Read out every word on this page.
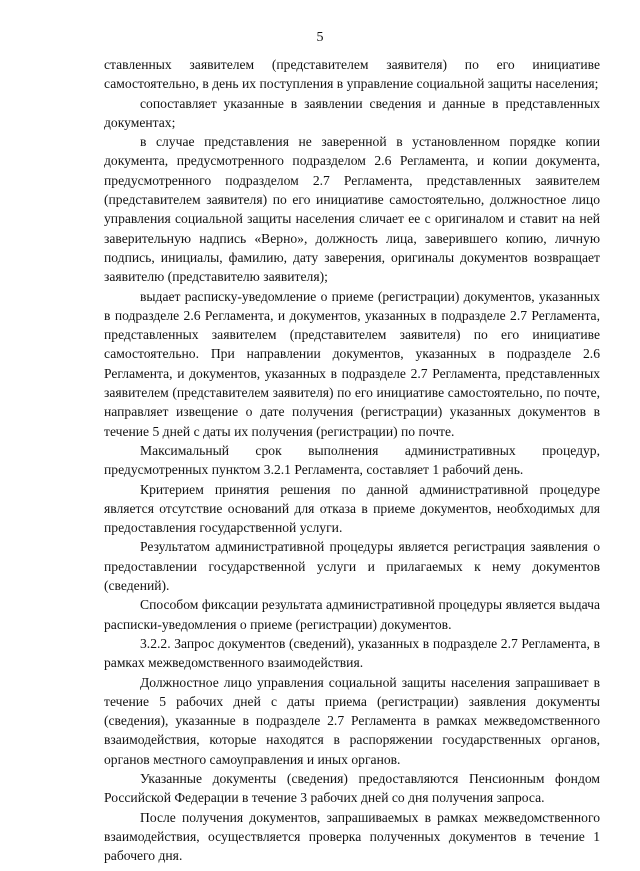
5

ставленных заявителем (представителем заявителя) по его инициативе самостоятельно, в день их поступления в управление социальной защиты населения;

сопоставляет указанные в заявлении сведения и данные в представленных документах;

в случае представления не заверенной в установленном порядке копии документа, предусмотренного подразделом 2.6 Регламента, и копии документа, предусмотренного подразделом 2.7 Регламента, представленных заявителем (представителем заявителя) по его инициативе самостоятельно, должностное лицо управления социальной защиты населения сличает ее с оригиналом и ставит на ней заверительную надпись «Верно», должность лица, заверившего копию, личную подпись, инициалы, фамилию, дату заверения, оригиналы документов возвращает заявителю (представителю заявителя);

выдает расписку-уведомление о приеме (регистрации) документов, указанных в подразделе 2.6 Регламента, и документов, указанных в подразделе 2.7 Регламента, представленных заявителем (представителем заявителя) по его инициативе самостоятельно. При направлении документов, указанных в подразделе 2.6 Регламента, и документов, указанных в подразделе 2.7 Регламента, представленных заявителем (представителем заявителя) по его инициативе самостоятельно, по почте, направляет извещение о дате получения (регистрации) указанных документов в течение 5 дней с даты их получения (регистрации) по почте.

Максимальный срок выполнения административных процедур, предусмотренных пунктом 3.2.1 Регламента, составляет 1 рабочий день.

Критерием принятия решения по данной административной процедуре является отсутствие оснований для отказа в приеме документов, необходимых для предоставления государственной услуги.

Результатом административной процедуры является регистрация заявления о предоставлении государственной услуги и прилагаемых к нему документов (сведений).

Способом фиксации результата административной процедуры является выдача расписки-уведомления о приеме (регистрации) документов.

3.2.2. Запрос документов (сведений), указанных в подразделе 2.7 Регламента, в рамках межведомственного взаимодействия.

Должностное лицо управления социальной защиты населения запрашивает в течение 5 рабочих дней с даты приема (регистрации) заявления документы (сведения), указанные в подразделе 2.7 Регламента в рамках межведомственного взаимодействия, которые находятся в распоряжении государственных органов, органов местного самоуправления и иных органов.

Указанные документы (сведения) предоставляются Пенсионным фондом Российской Федерации в течение 3 рабочих дней со дня получения запроса.

После получения документов, запрашиваемых в рамках межведомственного взаимодействия, осуществляется проверка полученных документов в течение 1 рабочего дня.
